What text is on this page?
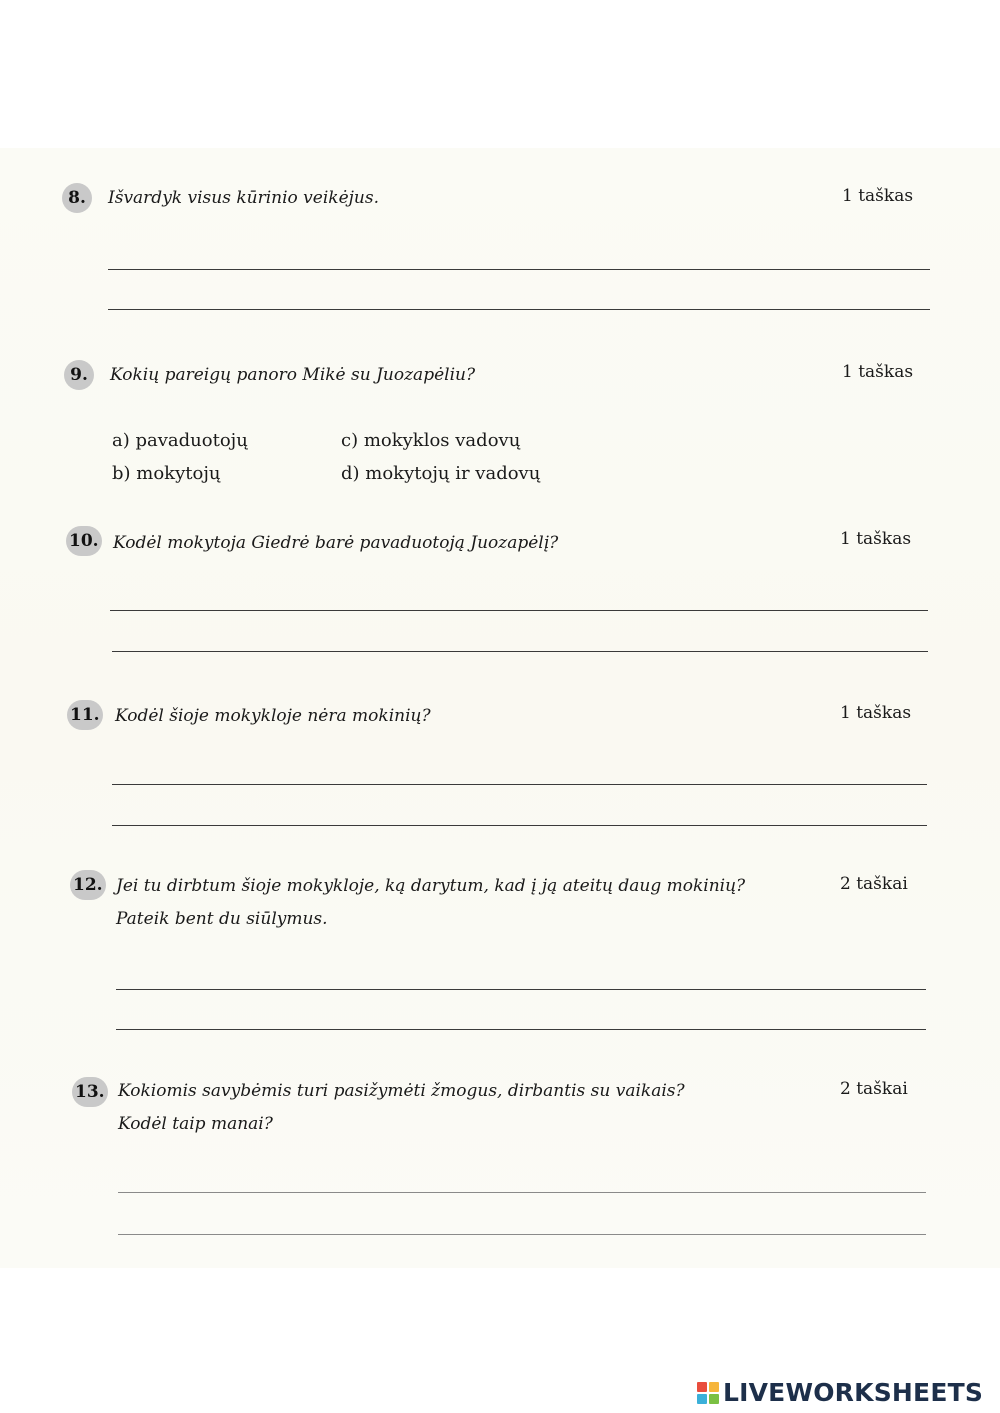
8.	Išvardyk visus kūrinio veikėjus.	1 taškas
9.	Kokių pareigų panoro Mikė su Juozapėliu?	1 taškas
a) pavaduotojų	c) mokyklos vadovų
b) mokytojų	d) mokytojų ir vadovų
10. Kodėl mokytoja Giedrė barė pavaduotoją Juozapėlį?	1 taškas
11. Kodėl šioje mokykloje nėra mokinių?	1 taškas
12. Jei tu dirbtum šioje mokykloje, ką darytum, kad į ją ateitų daug mokinių?
Pateik bent du siūlymus.
2 taškai
13. Kokiomis savybėmis turi pasižymėti žmogus, dirbantis su vaikais?
Kodėl taip manai?
2 taškai
LIVEWORKSHEETS
